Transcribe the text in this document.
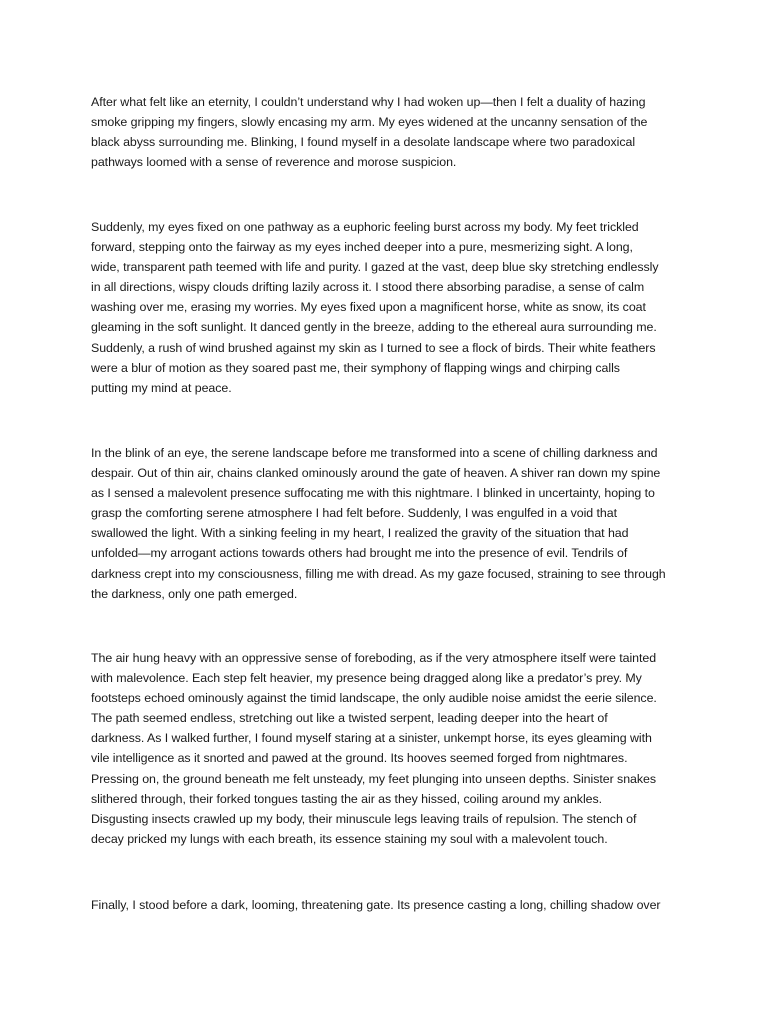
After what felt like an eternity, I couldn’t understand why I had woken up—then I felt a duality of hazing
smoke gripping my fingers, slowly encasing my arm. My eyes widened at the uncanny sensation of the
black abyss surrounding me. Blinking, I found myself in a desolate landscape where two paradoxical
pathways loomed with a sense of reverence and morose suspicion.

Suddenly, my eyes fixed on one pathway as a euphoric feeling burst across my body. My feet trickled
forward, stepping onto the fairway as my eyes inched deeper into a pure, mesmerizing sight. A long,
wide, transparent path teemed with life and purity. I gazed at the vast, deep blue sky stretching endlessly
in all directions, wispy clouds drifting lazily across it. I stood there absorbing paradise, a sense of calm
washing over me, erasing my worries. My eyes fixed upon a magnificent horse, white as snow, its coat
gleaming in the soft sunlight. It danced gently in the breeze, adding to the ethereal aura surrounding me.
Suddenly, a rush of wind brushed against my skin as I turned to see a flock of birds. Their white feathers
were a blur of motion as they soared past me, their symphony of flapping wings and chirping calls
putting my mind at peace.

In the blink of an eye, the serene landscape before me transformed into a scene of chilling darkness and
despair. Out of thin air, chains clanked ominously around the gate of heaven. A shiver ran down my spine
as I sensed a malevolent presence suffocating me with this nightmare. I blinked in uncertainty, hoping to
grasp the comforting serene atmosphere I had felt before. Suddenly, I was engulfed in a void that
swallowed the light. With a sinking feeling in my heart, I realized the gravity of the situation that had
unfolded—my arrogant actions towards others had brought me into the presence of evil. Tendrils of
darkness crept into my consciousness, filling me with dread. As my gaze focused, straining to see through
the darkness, only one path emerged.

The air hung heavy with an oppressive sense of foreboding, as if the very atmosphere itself were tainted
with malevolence. Each step felt heavier, my presence being dragged along like a predator’s prey. My
footsteps echoed ominously against the timid landscape, the only audible noise amidst the eerie silence.
The path seemed endless, stretching out like a twisted serpent, leading deeper into the heart of
darkness. As I walked further, I found myself staring at a sinister, unkempt horse, its eyes gleaming with
vile intelligence as it snorted and pawed at the ground. Its hooves seemed forged from nightmares.
Pressing on, the ground beneath me felt unsteady, my feet plunging into unseen depths. Sinister snakes
slithered through, their forked tongues tasting the air as they hissed, coiling around my ankles.
Disgusting insects crawled up my body, their minuscule legs leaving trails of repulsion. The stench of
decay pricked my lungs with each breath, its essence staining my soul with a malevolent touch.

Finally, I stood before a dark, looming, threatening gate. Its presence casting a long, chilling shadow over
